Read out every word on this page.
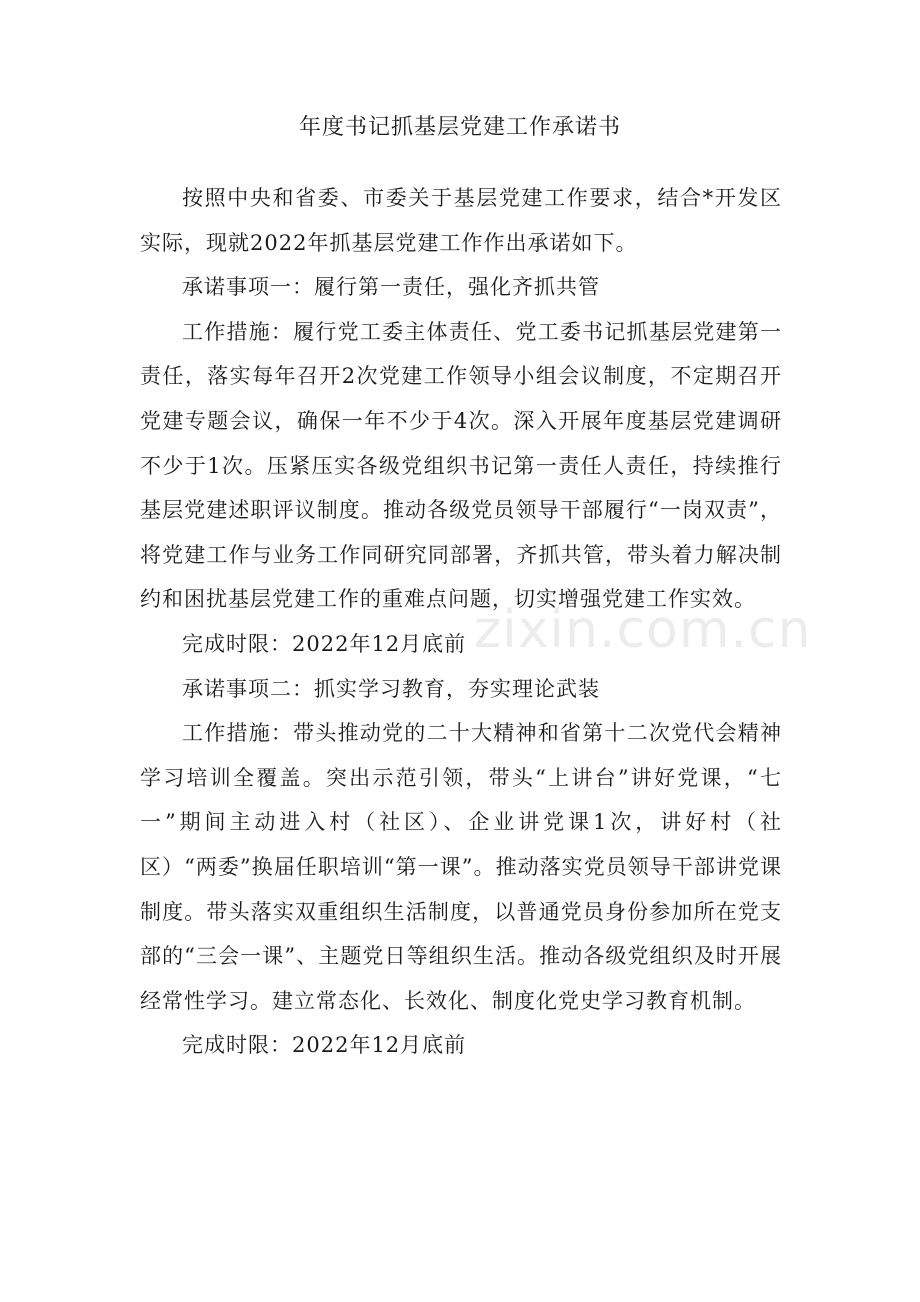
年度书记抓基层党建工作承诺书

按照中央和省委、市委关于基层党建工作要求，结合*开发区实际，现就2022年抓基层党建工作作出承诺如下。

承诺事项一：履行第一责任，强化齐抓共管

工作措施：履行党工委主体责任、党工委书记抓基层党建第一责任，落实每年召开2次党建工作领导小组会议制度，不定期召开党建专题会议，确保一年不少于4次。深入开展年度基层党建调研不少于1次。压紧压实各级党组织书记第一责任人责任，持续推行基层党建述职评议制度。推动各级党员领导干部履行“一岗双责”，将党建工作与业务工作同研究同部署，齐抓共管，带头着力解决制约和困扰基层党建工作的重难点问题，切实增强党建工作实效。

完成时限：2022年12月底前

承诺事项二：抓实学习教育，夯实理论武装

工作措施：带头推动党的二十大精神和省第十二次党代会精神学习培训全覆盖。突出示范引领，带头“上讲台”讲好党课，“七一”期间主动进入村（社区）、企业讲党课1次，讲好村（社区）“两委”换届任职培训“第一课”。推动落实党员领导干部讲党课制度。带头落实双重组织生活制度，以普通党员身份参加所在党支部的“三会一课”、主题党日等组织生活。推动各级党组织及时开展经常性学习。建立常态化、长效化、制度化党史学习教育机制。

完成时限：2022年12月底前

zixin.com.cn
